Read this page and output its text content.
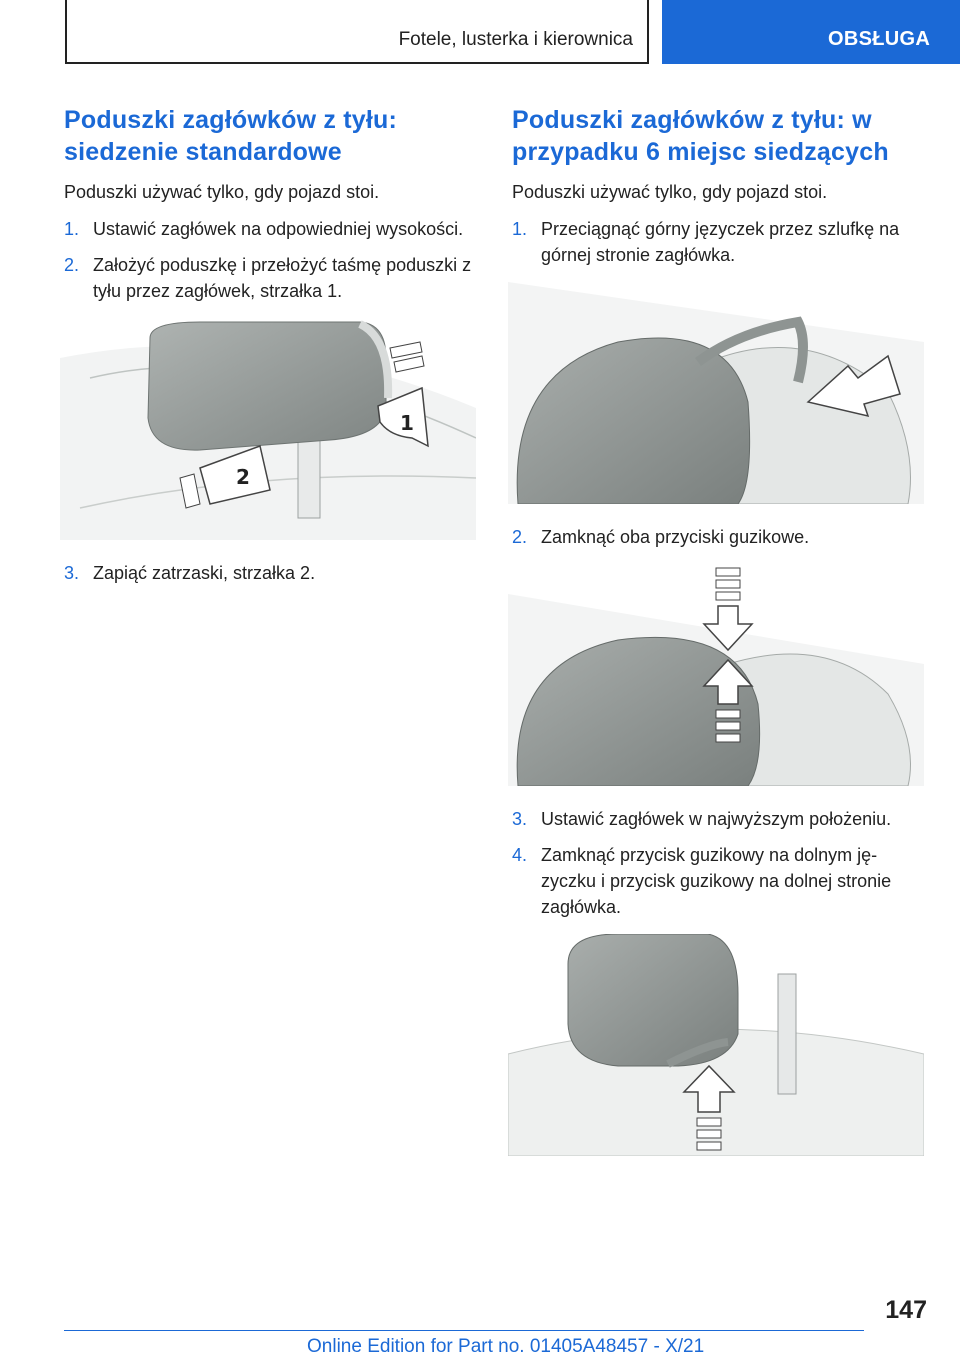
Fotele, lusterka i kierownica	OBSŁUGA
Poduszki zagłówków z tyłu: siedzenie standardowe

Poduszki używać tylko, gdy pojazd stoi.

1. Ustawić zagłówek na odpowiedniej wysokości.
2. Założyć poduszkę i przełożyć taśmę poduszki z tyłu przez zagłówek, strzałka 1.
1
2
3. Zapiąć zatrzaski, strzałka 2.
Poduszki zagłówków z tyłu: w przypadku 6 miejsc siedzących

Poduszki używać tylko, gdy pojazd stoi.

1. Przeciągnąć górny języczek przez szlufkę na górnej stronie zagłówka.
2. Zamknąć oba przyciski guzikowe.
3. Ustawić zagłówek w najwyższym położeniu.
4. Zamknąć przycisk guzikowy na dolnym języczku i przycisk guzikowy na dolnej stronie zagłówka.
147
Online Edition for Part no. 01405A48457 - X/21
